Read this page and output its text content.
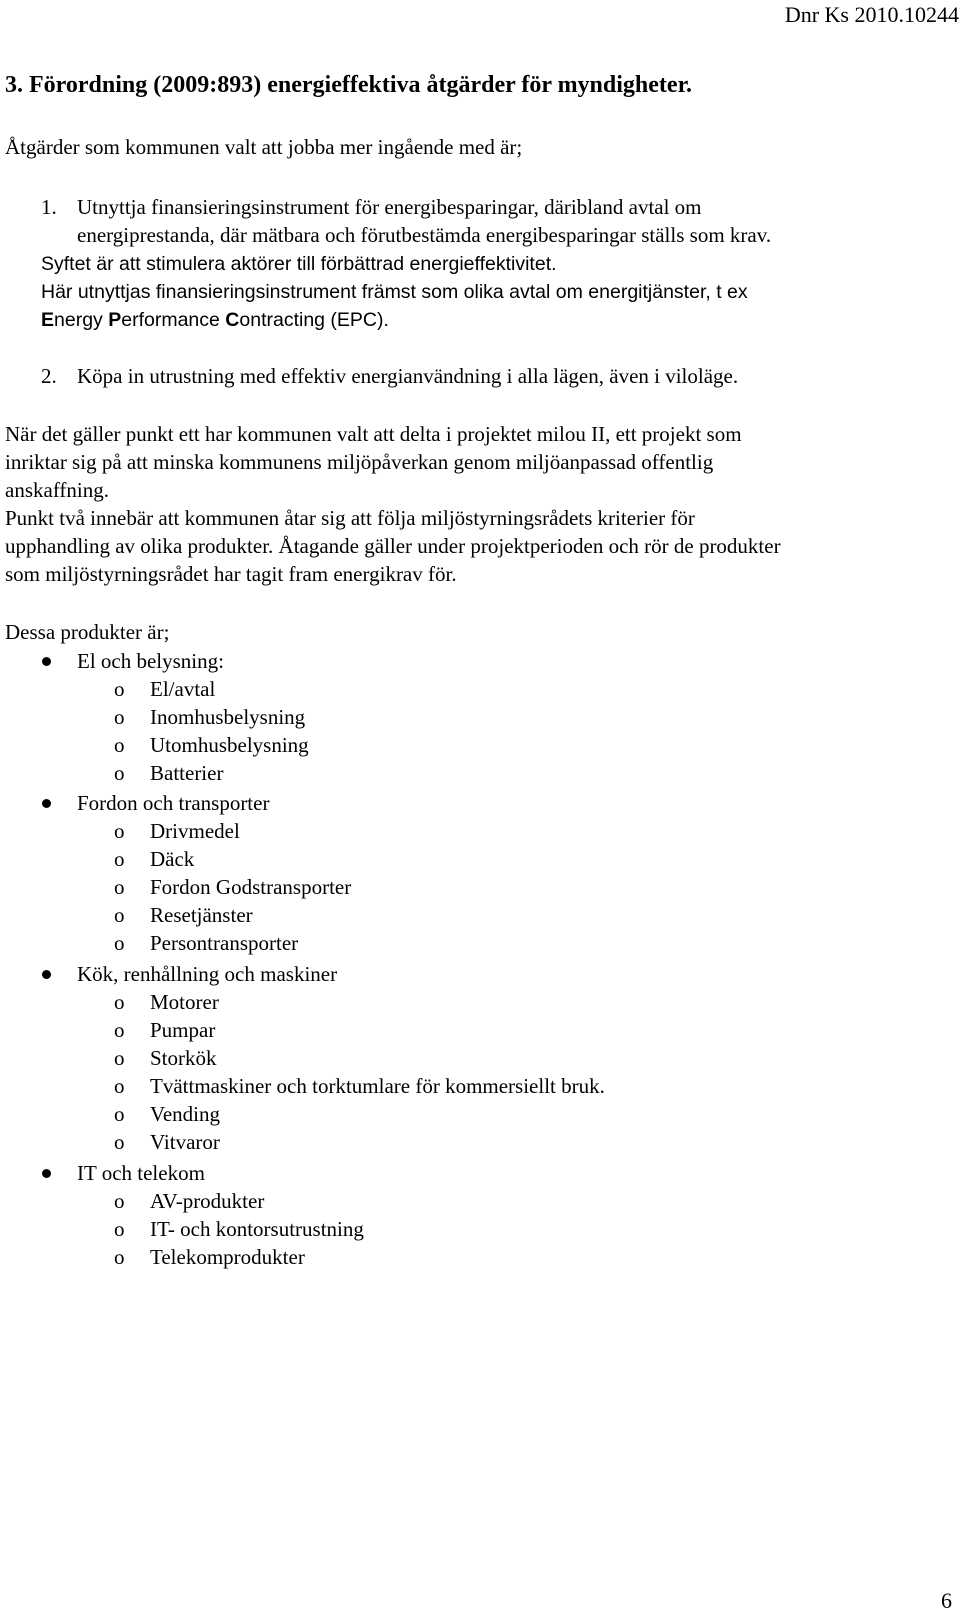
Dnr Ks 2010.10244
3. Förordning (2009:893) energieffektiva åtgärder för myndigheter.
Åtgärder som kommunen valt att jobba mer ingående med är;
1. Utnyttja finansieringsinstrument för energibesparingar, däribland avtal om
energiprestanda, där mätbara och förutbestämda energibesparingar ställs som krav.
Syftet är att stimulera aktörer till förbättrad energieffektivitet.
Här utnyttjas finansieringsinstrument främst som olika avtal om energitjänster, t ex
Energy Performance Contracting (EPC).
2. Köpa in utrustning med effektiv energianvändning i alla lägen, även i viloläge.
När det gäller punkt ett har kommunen valt att delta i projektet milou II, ett projekt som
inriktar sig på att minska kommunens miljöpåverkan genom miljöanpassad offentlig
anskaffning.
Punkt två innebär att kommunen åtar sig att följa miljöstyrningsrådets kriterier för
upphandling av olika produkter. Åtagande gäller under projektperioden och rör de produkter
som miljöstyrningsrådet har tagit fram energikrav för.
Dessa produkter är;
El och belysning:
o El/avtal
o Inomhusbelysning
o Utomhusbelysning
o Batterier
Fordon och transporter
o Drivmedel
o Däck
o Fordon Godstransporter
o Resetjänster
o Persontransporter
Kök, renhållning och maskiner
o Motorer
o Pumpar
o Storkök
o Tvättmaskiner och torktumlare för kommersiellt bruk.
o Vending
o Vitvaror
IT och telekom
o AV-produkter
o IT- och kontorsutrustning
o Telekomprodukter
6
